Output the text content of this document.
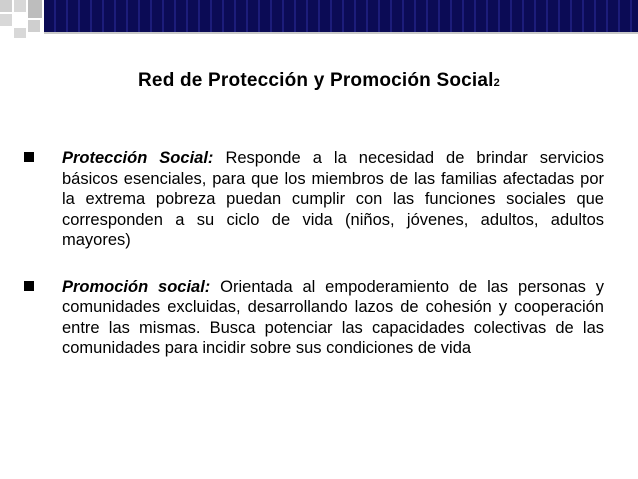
Red de Protección y Promoción Social2
Protección Social: Responde a la necesidad de brindar servicios básicos esenciales, para que los miembros de las familias afectadas por la extrema pobreza puedan cumplir con las funciones sociales que corresponden a su ciclo de vida (niños, jóvenes, adultos, adultos mayores)
Promoción social: Orientada al empoderamiento de las personas y comunidades excluidas, desarrollando lazos de cohesión y cooperación entre las mismas. Busca potenciar las capacidades colectivas de las comunidades para incidir sobre sus condiciones de vida
